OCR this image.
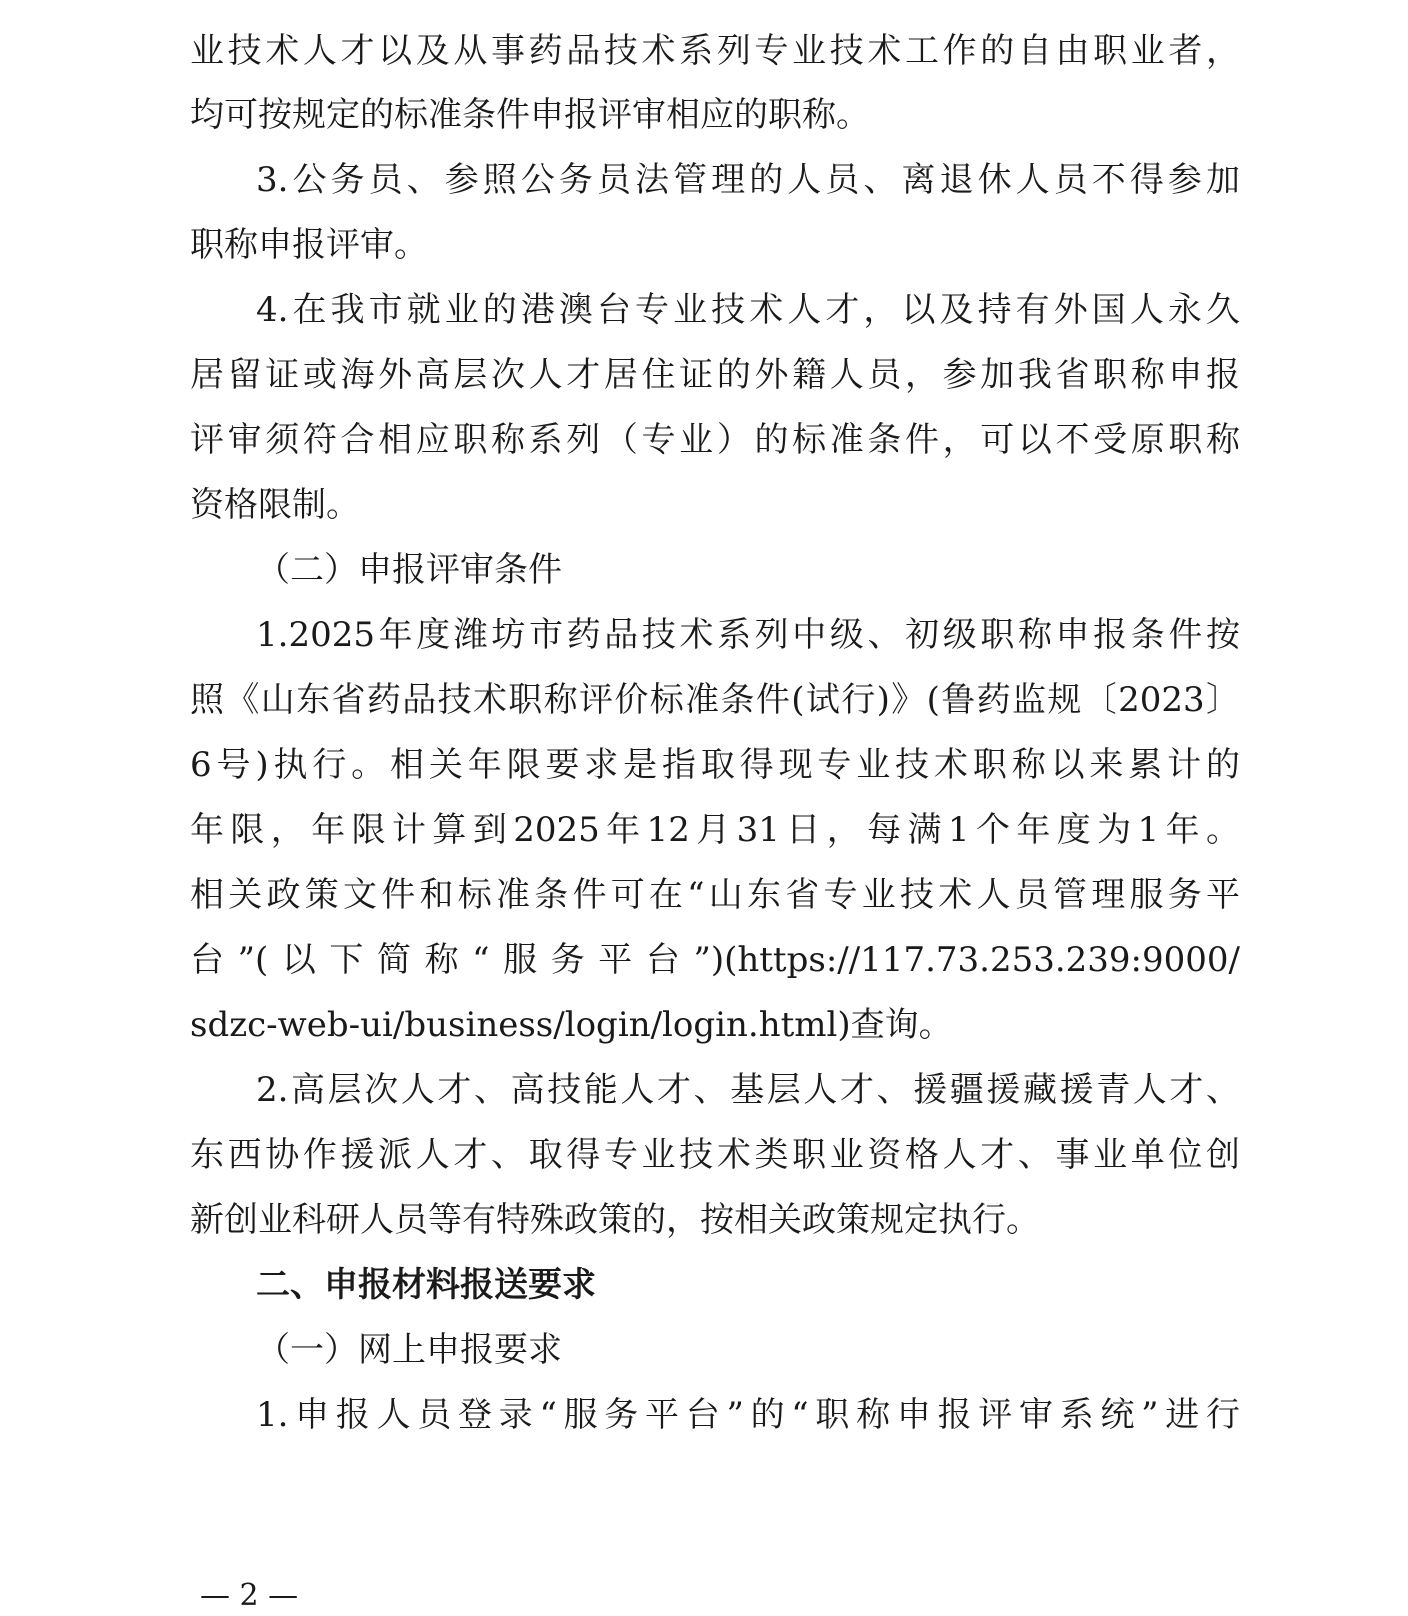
业技术人才以及从事药品技术系列专业技术工作的自由职业者，
均可按规定的标准条件申报评审相应的职称。
3.公务员、参照公务员法管理的人员、离退休人员不得参加
职称申报评审。
4.在我市就业的港澳台专业技术人才，以及持有外国人永久
居留证或海外高层次人才居住证的外籍人员，参加我省职称申报
评审须符合相应职称系列（专业）的标准条件，可以不受原职称
资格限制。
（二）申报评审条件
1.2025年度潍坊市药品技术系列中级、初级职称申报条件按
照《山东省药品技术职称评价标准条件(试行)》(鲁药监规〔2023〕
6号)执行。相关年限要求是指取得现专业技术职称以来累计的
年限，年限计算到2025年12月31日，每满1个年度为1年。
相关政策文件和标准条件可在“山东省专业技术人员管理服务平
台”(以下简称“服务平台”)(https://117.73.253.239:9000/
sdzc-web-ui/business/login/login.html)查询。
2.高层次人才、高技能人才、基层人才、援疆援藏援青人才、
东西协作援派人才、取得专业技术类职业资格人才、事业单位创
新创业科研人员等有特殊政策的，按相关政策规定执行。
二、申报材料报送要求
（一）网上申报要求
1.申报人员登录“服务平台”的“职称申报评审系统”进行
— 2 —
